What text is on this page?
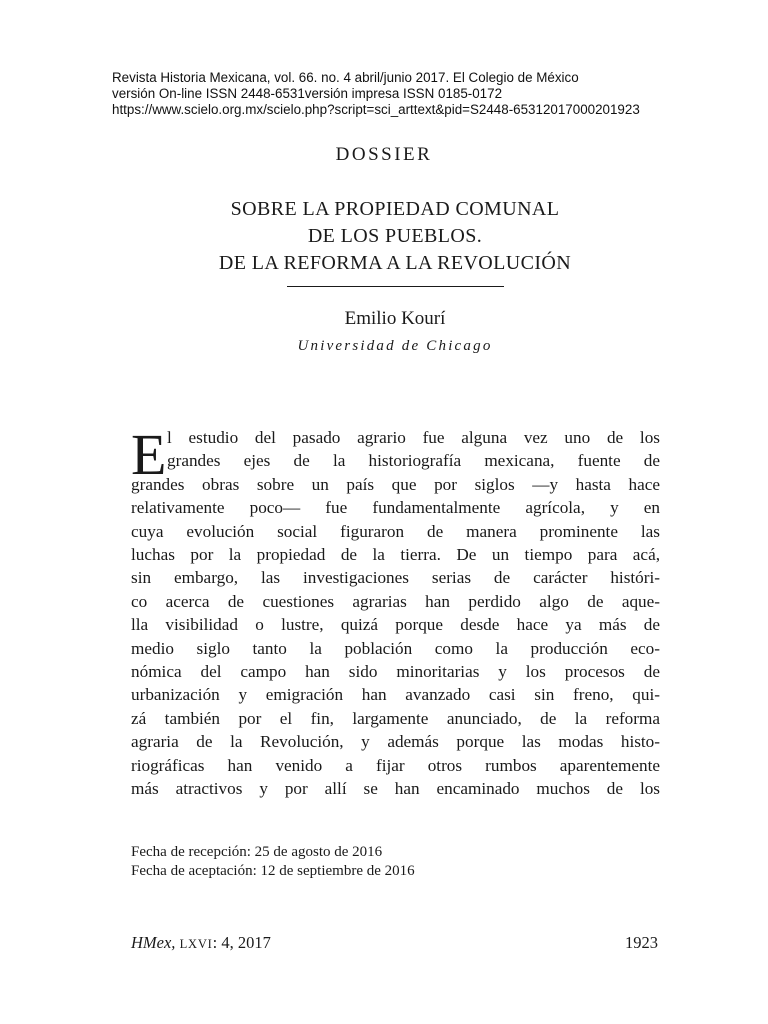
Revista Historia Mexicana, vol. 66. no. 4 abril/junio 2017. El Colegio de México
versión On-line ISSN 2448-6531versión impresa ISSN 0185-0172
https://www.scielo.org.mx/scielo.php?script=sci_arttext&pid=S2448-65312017000201923
DOSSIER
SOBRE LA PROPIEDAD COMUNAL
DE LOS PUEBLOS.
DE LA REFORMA A LA REVOLUCIÓN
Emilio Kourí
Universidad de Chicago
E l estudio del pasado agrario fue alguna vez uno de los
grandes ejes de la historiografía mexicana, fuente de
grandes obras sobre un país que por siglos —y hasta hace
relativamente poco— fue fundamentalmente agrícola, y en
cuya evolución social figuraron de manera prominente las
luchas por la propiedad de la tierra. De un tiempo para acá,
sin embargo, las investigaciones serias de carácter históri-
co acerca de cuestiones agrarias han perdido algo de aque-
lla visibilidad o lustre, quizá porque desde hace ya más de
medio siglo tanto la población como la producción eco-
nómica del campo han sido minoritarias y los procesos de
urbanización y emigración han avanzado casi sin freno, qui-
zá también por el fin, largamente anunciado, de la reforma
agraria de la Revolución, y además porque las modas histo-
riográficas han venido a fijar otros rumbos aparentemente
más atractivos y por allí se han encaminado muchos de los
Fecha de recepción: 25 de agosto de 2016
Fecha de aceptación: 12 de septiembre de 2016
HMex, LXVI: 4, 2017	1923
